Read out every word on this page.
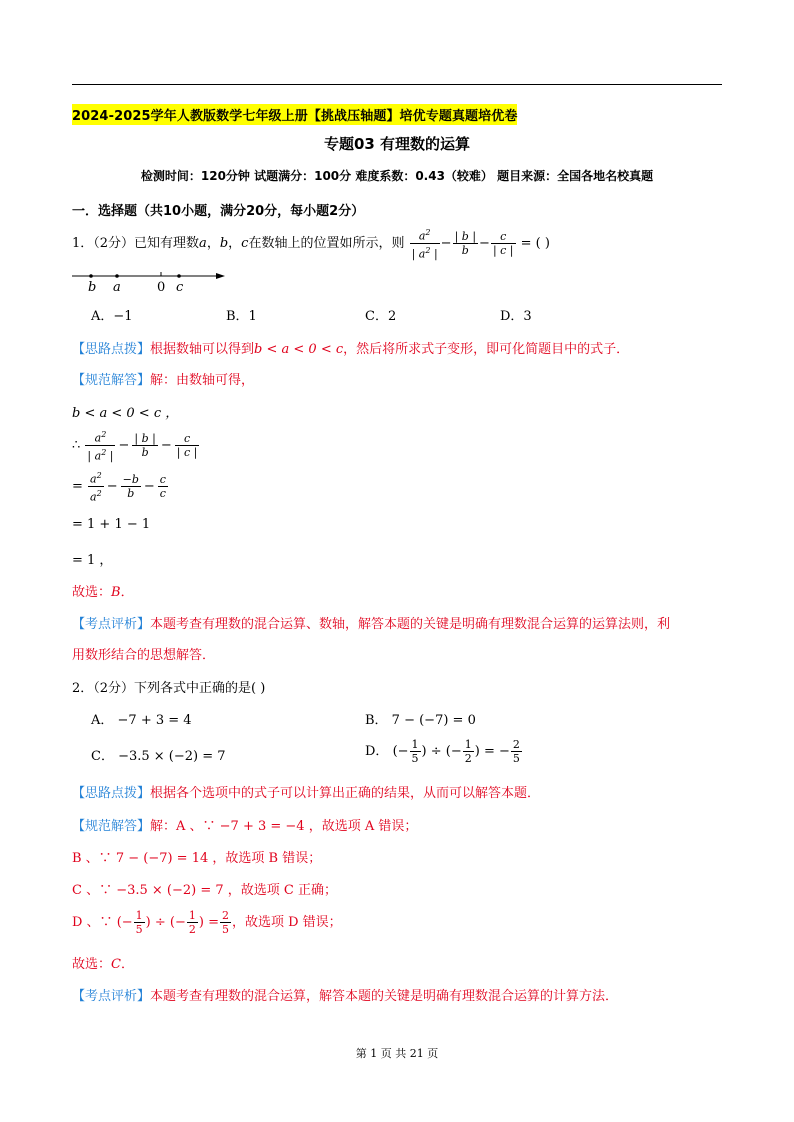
2024-2025学年人教版数学七年级上册【挑战压轴题】培优专题真题培优卷
专题03 有理数的运算
检测时间：120分钟 试题满分：100分 难度系数：0.43（较难） 题目来源：全国各地名校真题
一．选择题（共10小题，满分20分，每小题2分）
1．（2分）已知有理数a，b，c在数轴上的位置如所示，则 $\frac{a^2}{| a^2 |} - \frac{| b |}{b} - \frac{c}{| c |}$ = ( )
b a	0 c
A．−1	B．1	C．2	D．3
【思路点拨】根据数轴可以得到b < a < 0 < c，然后将所求式子变形，即可化简题目中的式子．
【规范解答】解：由数轴可得，
b < a < 0 < c ，
∴ $\frac{a^2}{| a^2 |} - \frac{| b |}{b} - \frac{c}{| c |}$
= $\frac{a^2}{a^2} - \frac{-b}{b} - \frac{c}{c}$
= 1 + 1 − 1
= 1 ，
故选：B．
【考点评析】本题考查有理数的混合运算、数轴，解答本题的关键是明确有理数混合运算的运算法则，利
用数形结合的思想解答．
2．（2分）下列各式中正确的是( )
A． −7 + 3 = 4	B． 7 − (−7) = 0
C． −3.5 × (−2) = 7	D． (− $\frac{1}{5}$ ) ÷ (− $\frac{1}{2}$ ) = − $\frac{2}{5}$
【思路点拨】根据各个选项中的式子可以计算出正确的结果，从而可以解答本题．
【规范解答】解：A 、∵ −7 + 3 = −4 ，故选项 A 错误；
B 、∵ 7 − (−7) = 14 ，故选项 B 错误；
C 、∵ −3.5 × (−2) = 7 ，故选项 C 正确；
D 、∵ (− $\frac{1}{5}$ ) ÷ (− $\frac{1}{2}$ ) = $\frac{2}{5}$ ，故选项 D 错误；
故选：C．
【考点评析】本题考查有理数的混合运算，解答本题的关键是明确有理数混合运算的计算方法．
第 1 页 共 21 页
